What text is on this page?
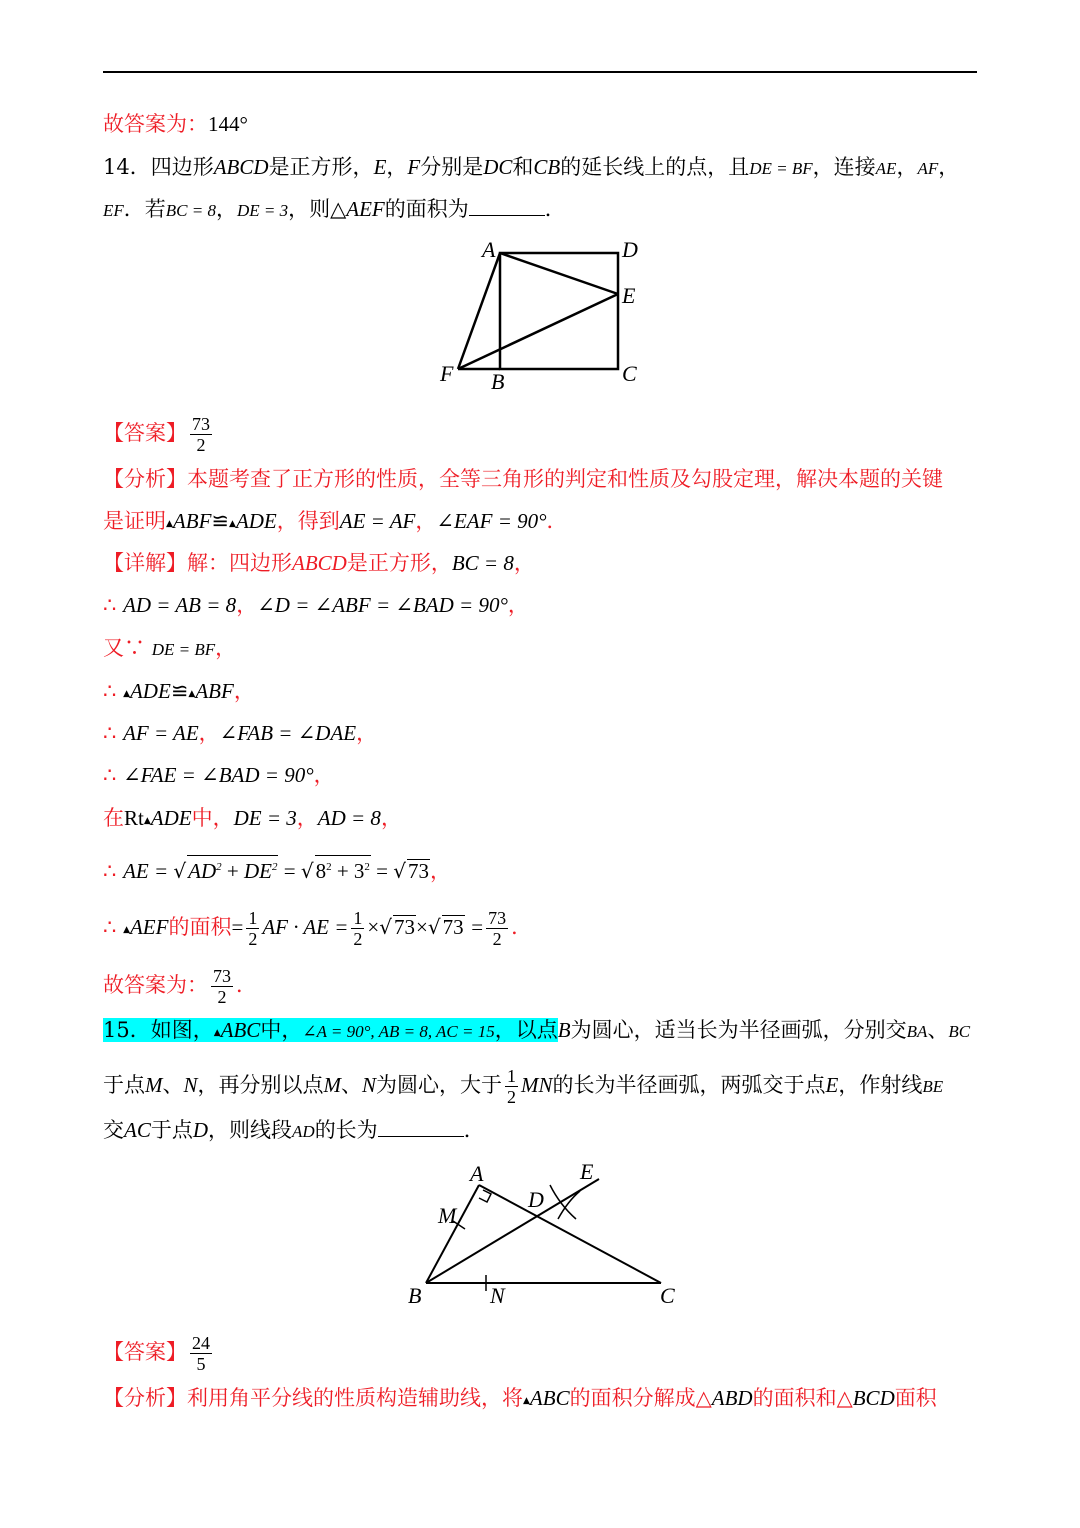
故答案为：144°
14．四边形ABCD是正方形，E，F分别是DC和CB的延长线上的点，且DE = BF，连接AE，AF，
EF．若BC = 8，DE = 3，则△AEF的面积为	．
A	D
E
F B	C
【答案】 $\frac{73}{2}$
【分析】本题考查了正方形的性质，全等三角形的判定和性质及勾股定理，解决本题的关键
是证明▲ABF≌▲ADE，得到AE = AF，∠EAF = 90°．
【详解】解：四边形ABCD是正方形，BC = 8，
∴ AD = AB = 8，∠D = ∠ABF = ∠BAD = 90°，
又∵ DE = BF，
∴ ▲ADE≌▲ABF，
∴ AF = AE，∠FAB = ∠DAE，
∴ ∠FAE = ∠BAD = 90°，
在Rt▲ADE中，DE = 3，AD = 8，
∴ AE = $√AD^2 + DE^2 = √8^2 + 3^2 = √73$，
∴ ▲AEF的面积= $\frac{1}{2}$ AF · AE = $\frac{1}{2} \times√73\times√73 = \frac{73}{2}$ ．
故答案为： $\frac{73}{2}$ ．
15．如图，▲ABC中，∠A = 90°, AB = 8, AC = 15，以点B为圆心，适当长为半径画弧，分别交BA、BC
于点M、N，再分别以点M、N为圆心，大于 $\frac{1}{2}$ MN的长为半径画弧，两弧交于点E，作射线BE
交AC于点D，则线段AD的长为	．
A	E
D
M
B	N	C
【答案】 $\frac{24}{5}$
【分析】利用角平分线的性质构造辅助线，将▲ABC的面积分解成△ABD的面积和△BCD面积
